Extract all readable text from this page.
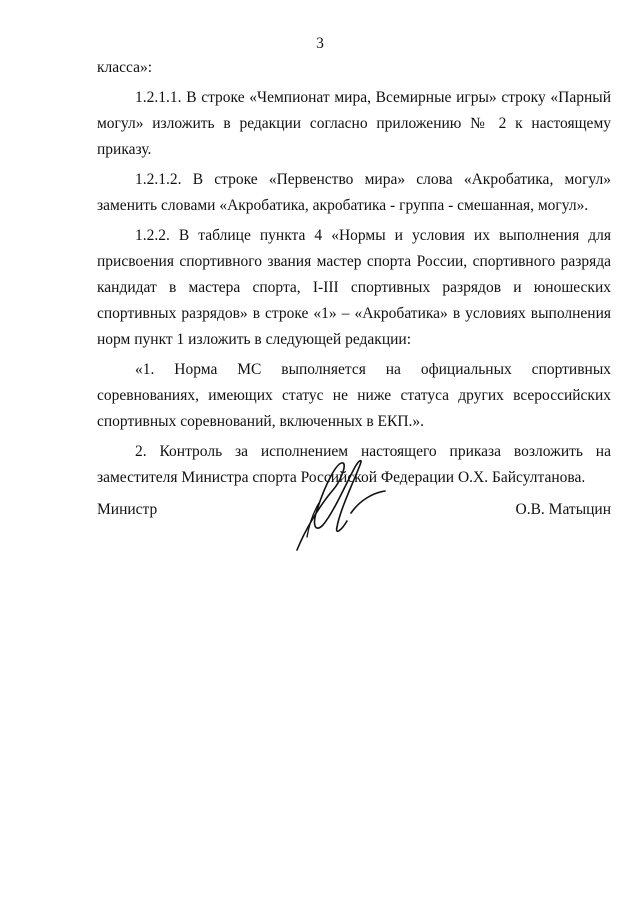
3

класса»:

1.2.1.1. В строке «Чемпионат мира, Всемирные игры» строку «Парный могул» изложить в редакции согласно приложению № 2 к настоящему приказу.

1.2.1.2. В строке «Первенство мира» слова «Акробатика, могул» заменить словами «Акробатика, акробатика - группа - смешанная, могул».

1.2.2. В таблице пункта 4 «Нормы и условия их выполнения для присвоения спортивного звания мастер спорта России, спортивного разряда кандидат в мастера спорта, I-III спортивных разрядов и юношеских спортивных разрядов» в строке «1» – «Акробатика» в условиях выполнения норм пункт 1 изложить в следующей редакции:

«1. Норма МС выполняется на официальных спортивных соревнованиях, имеющих статус не ниже статуса других всероссийских спортивных соревнований, включенных в ЕКП.».

2. Контроль за исполнением настоящего приказа возложить на заместителя Министра спорта Российской Федерации О.Х. Байсултанова.

Министр	О.В. Матыцин
